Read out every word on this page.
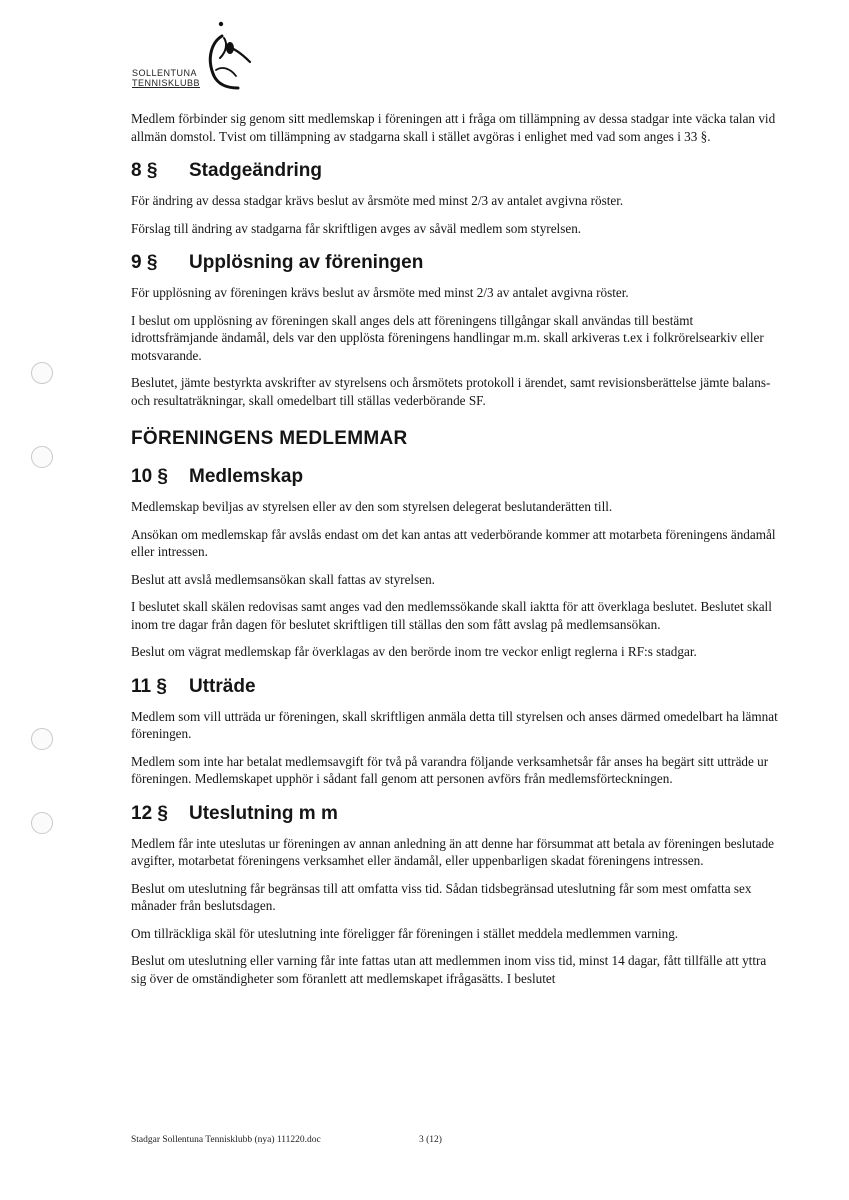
SOLLENTUNA
TENNISKLUBB

Medlem förbinder sig genom sitt medlemskap i föreningen att i fråga om tillämpning av dessa stadgar inte väcka talan vid allmän domstol. Tvist om tillämpning av stadgarna skall i stället avgöras i enlighet med vad som anges i 33 §.

8 § Stadgeändring

För ändring av dessa stadgar krävs beslut av årsmöte med minst 2/3 av antalet avgivna röster.

Förslag till ändring av stadgarna får skriftligen avges av såväl medlem som styrelsen.

9 § Upplösning av föreningen

För upplösning av föreningen krävs beslut av årsmöte med minst 2/3 av antalet avgivna röster.

I beslut om upplösning av föreningen skall anges dels att föreningens tillgångar skall användas till bestämt idrottsfrämjande ändamål, dels var den upplösta föreningens handlingar m.m. skall arkiveras t.ex i folkrörelsearkiv eller motsvarande.

Beslutet, jämte bestyrkta avskrifter av styrelsens och årsmötets protokoll i ärendet, samt revisionsberättelse jämte balans- och resultaträkningar, skall omedelbart till ställas vederbörande SF.

FÖRENINGENS MEDLEMMAR
10 § Medlemskap

Medlemskap beviljas av styrelsen eller av den som styrelsen delegerat beslutanderätten till.

Ansökan om medlemskap får avslås endast om det kan antas att vederbörande kommer att motarbeta föreningens ändamål eller intressen.

Beslut att avslå medlemsansökan skall fattas av styrelsen.

I beslutet skall skälen redovisas samt anges vad den medlemssökande skall iaktta för att överklaga beslutet. Beslutet skall inom tre dagar från dagen för beslutet skriftligen till ställas den som fått avslag på medlemsansökan.

Beslut om vägrat medlemskap får överklagas av den berörde inom tre veckor enligt reglerna i RF:s stadgar.

11 § Utträde

Medlem som vill utträda ur föreningen, skall skriftligen anmäla detta till styrelsen och anses därmed omedelbart ha lämnat föreningen.

Medlem som inte har betalat medlemsavgift för två på varandra följande verksamhetsår får anses ha begärt sitt utträde ur föreningen. Medlemskapet upphör i sådant fall genom att personen avförs från medlemsförteckningen.

12 § Uteslutning m m

Medlem får inte uteslutas ur föreningen av annan anledning än att denne har försummat att betala av föreningen beslutade avgifter, motarbetat föreningens verksamhet eller ändamål, eller uppenbarligen skadat föreningens intressen.

Beslut om uteslutning får begränsas till att omfatta viss tid. Sådan tidsbegränsad uteslutning får som mest omfatta sex månader från beslutsdagen.

Om tillräckliga skäl för uteslutning inte föreligger får föreningen i stället meddela medlemmen varning.

Beslut om uteslutning eller varning får inte fattas utan att medlemmen inom viss tid, minst 14 dagar, fått tillfälle att yttra sig över de omständigheter som föranlett att medlemskapet ifrågasätts. I beslutet

Stadgar Sollentuna Tennisklubb (nya) 111220.doc	3 (12)
